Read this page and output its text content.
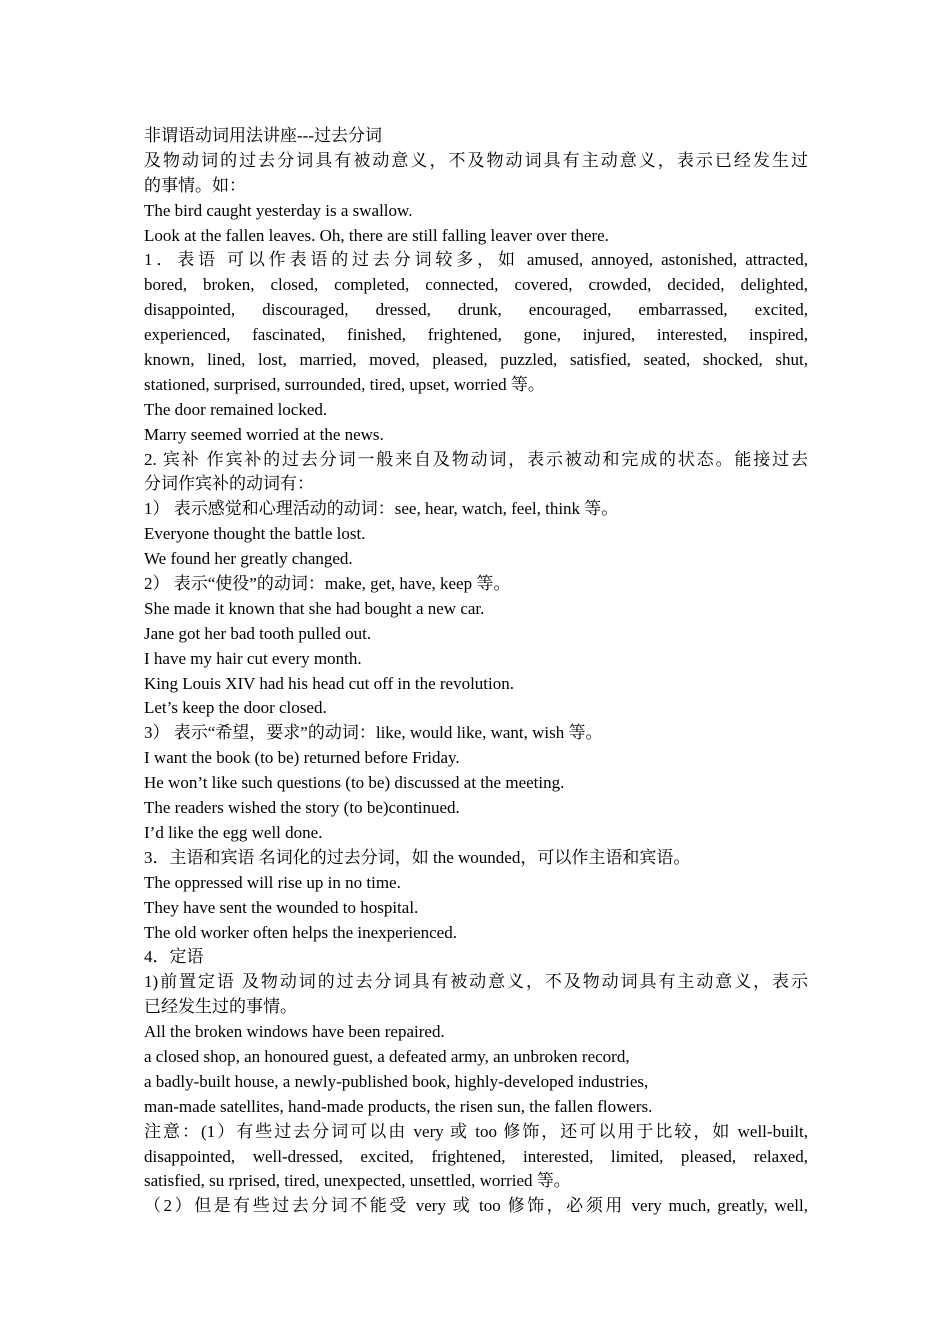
非谓语动词用法讲座---过去分词
及物动词的过去分词具有被动意义，不及物动词具有主动意义，表示已经发生过
的事情。如：
The bird caught yesterday is a swallow.
Look at the fallen leaves. Oh, there are still falling leaver over there.
1．表语 可以作表语的过去分词较多，如 amused, annoyed, astonished, attracted,
bored, broken, closed, completed, connected, covered, crowded, decided, delighted,
disappointed, discouraged, dressed, drunk, encouraged, embarrassed, excited,
experienced, fascinated, finished, frightened, gone, injured, interested, inspired,
known, lined, lost, married, moved, pleased, puzzled, satisfied, seated, shocked, shut,
stationed, surprised, surrounded, tired, upset, worried 等。
The door remained locked.
Marry seemed worried at the news.
2. 宾补 作宾补的过去分词一般来自及物动词，表示被动和完成的状态。能接过去
分词作宾补的动词有：
1） 表示感觉和心理活动的动词：see, hear, watch, feel, think 等。
Everyone thought the battle lost.
We found her greatly changed.
2） 表示“使役”的动词：make, get, have, keep 等。
She made it known that she had bought a new car.
Jane got her bad tooth pulled out.
I have my hair cut every month.
King Louis XIV had his head cut off in the revolution.
Let’s keep the door closed.
3） 表示“希望，要求”的动词：like, would like, want, wish 等。
I want the book (to be) returned before Friday.
He won’t like such questions (to be) discussed at the meeting.
The readers wished the story (to be)continued.
I’d like the egg well done.
3．主语和宾语 名词化的过去分词，如 the wounded，可以作主语和宾语。
The oppressed will rise up in no time.
They have sent the wounded to hospital.
The old worker often helps the inexperienced.
4．定语
1)前置定语 及物动词的过去分词具有被动意义，不及物动词具有主动意义，表示
已经发生过的事情。
All the broken windows have been repaired.
a closed shop, an honoured guest, a defeated army, an unbroken record,
a badly-built house, a newly-published book, highly-developed industries,
man-made satellites, hand-made products, the risen sun, the fallen flowers.
注意：(1）有些过去分词可以由 very 或 too 修饰，还可以用于比较，如 well-built,
disappointed, well-dressed, excited, frightened, interested, limited, pleased, relaxed,
satisfied, su rprised, tired, unexpected, unsettled, worried 等。
（2）但是有些过去分词不能受 very 或 too 修饰，必须用 very much, greatly, well,
